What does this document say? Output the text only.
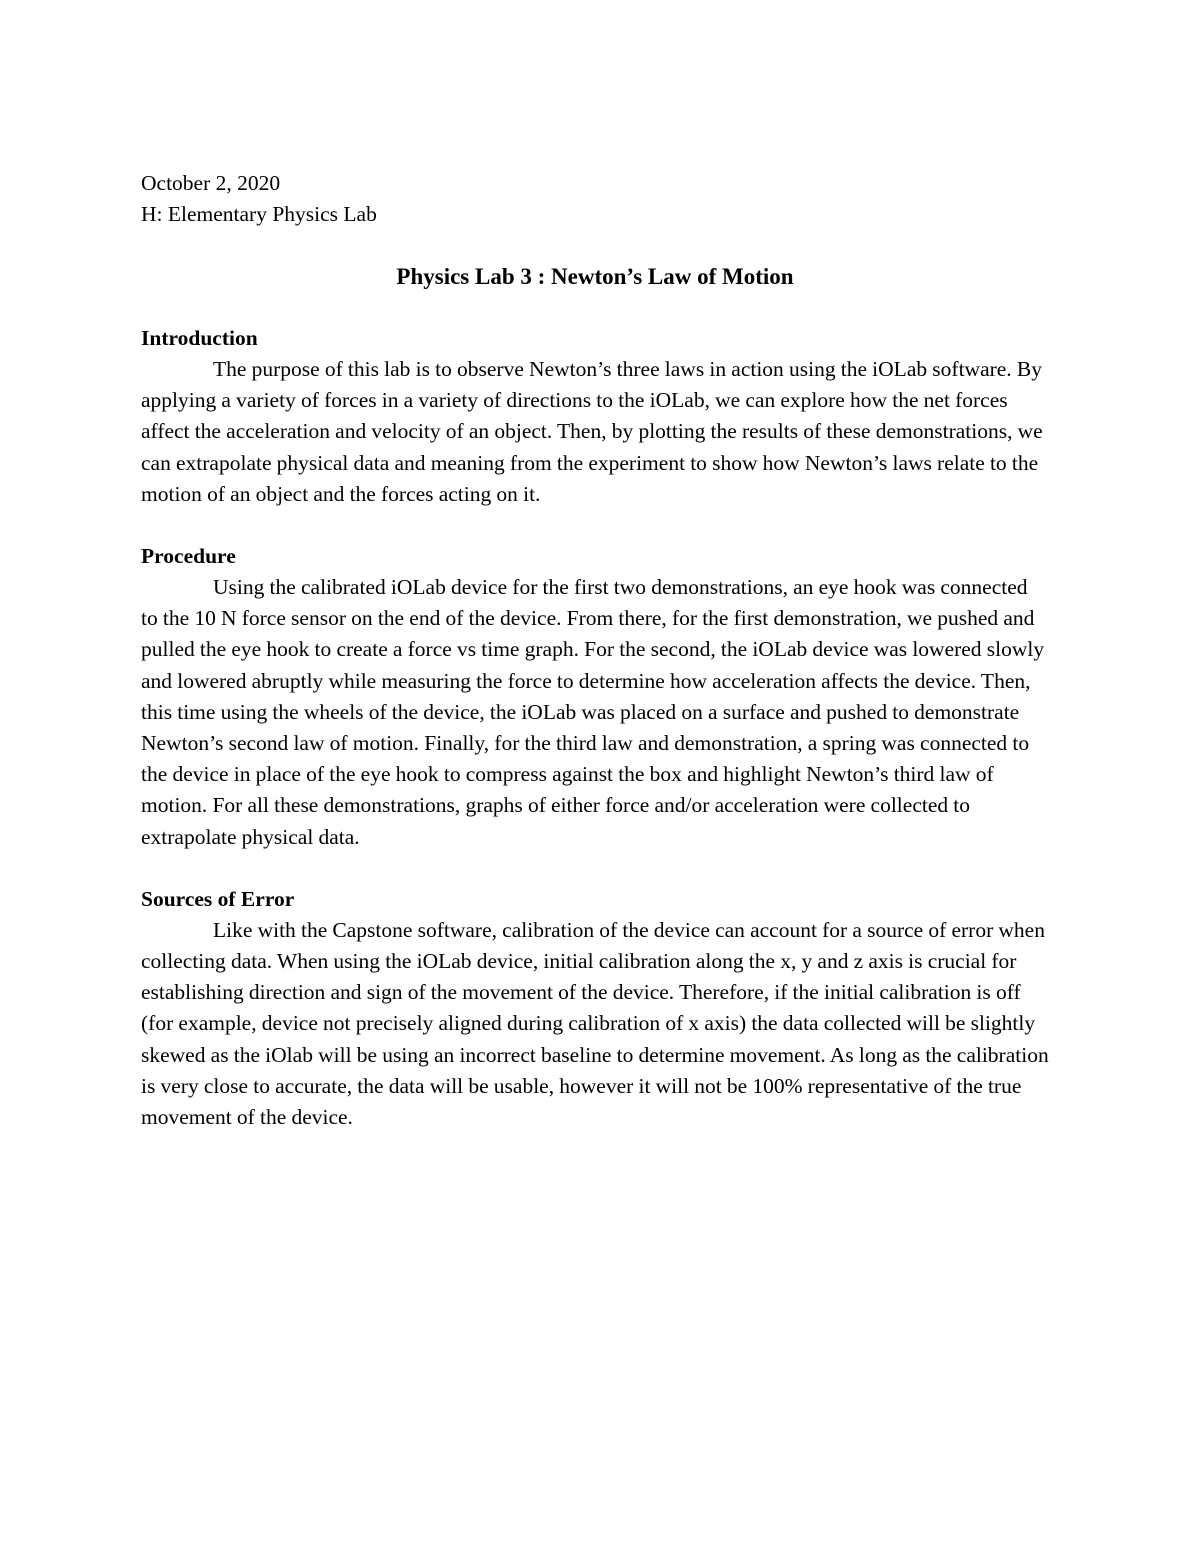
October 2, 2020
H: Elementary Physics Lab
Physics Lab 3 : Newton’s Law of Motion
Introduction

The purpose of this lab is to observe Newton’s three laws in action using the iOLab software. By applying a variety of forces in a variety of directions to the iOLab, we can explore how the net forces affect the acceleration and velocity of an object. Then, by plotting the results of these demonstrations, we can extrapolate physical data and meaning from the experiment to show how Newton’s laws relate to the motion of an object and the forces acting on it.

Procedure

Using the calibrated iOLab device for the first two demonstrations, an eye hook was connected to the 10 N force sensor on the end of the device. From there, for the first demonstration, we pushed and pulled the eye hook to create a force vs time graph. For the second, the iOLab device was lowered slowly and lowered abruptly while measuring the force to determine how acceleration affects the device. Then, this time using the wheels of the device, the iOLab was placed on a surface and pushed to demonstrate Newton’s second law of motion. Finally, for the third law and demonstration, a spring was connected to the device in place of the eye hook to compress against the box and highlight Newton’s third law of motion. For all these demonstrations, graphs of either force and/or acceleration were collected to extrapolate physical data.

Sources of Error

Like with the Capstone software, calibration of the device can account for a source of error when collecting data. When using the iOLab device, initial calibration along the x, y and z axis is crucial for establishing direction and sign of the movement of the device. Therefore, if the initial calibration is off (for example, device not precisely aligned during calibration of x axis) the data collected will be slightly skewed as the iOlab will be using an incorrect baseline to determine movement. As long as the calibration is very close to accurate, the data will be usable, however it will not be 100% representative of the true movement of the device.
